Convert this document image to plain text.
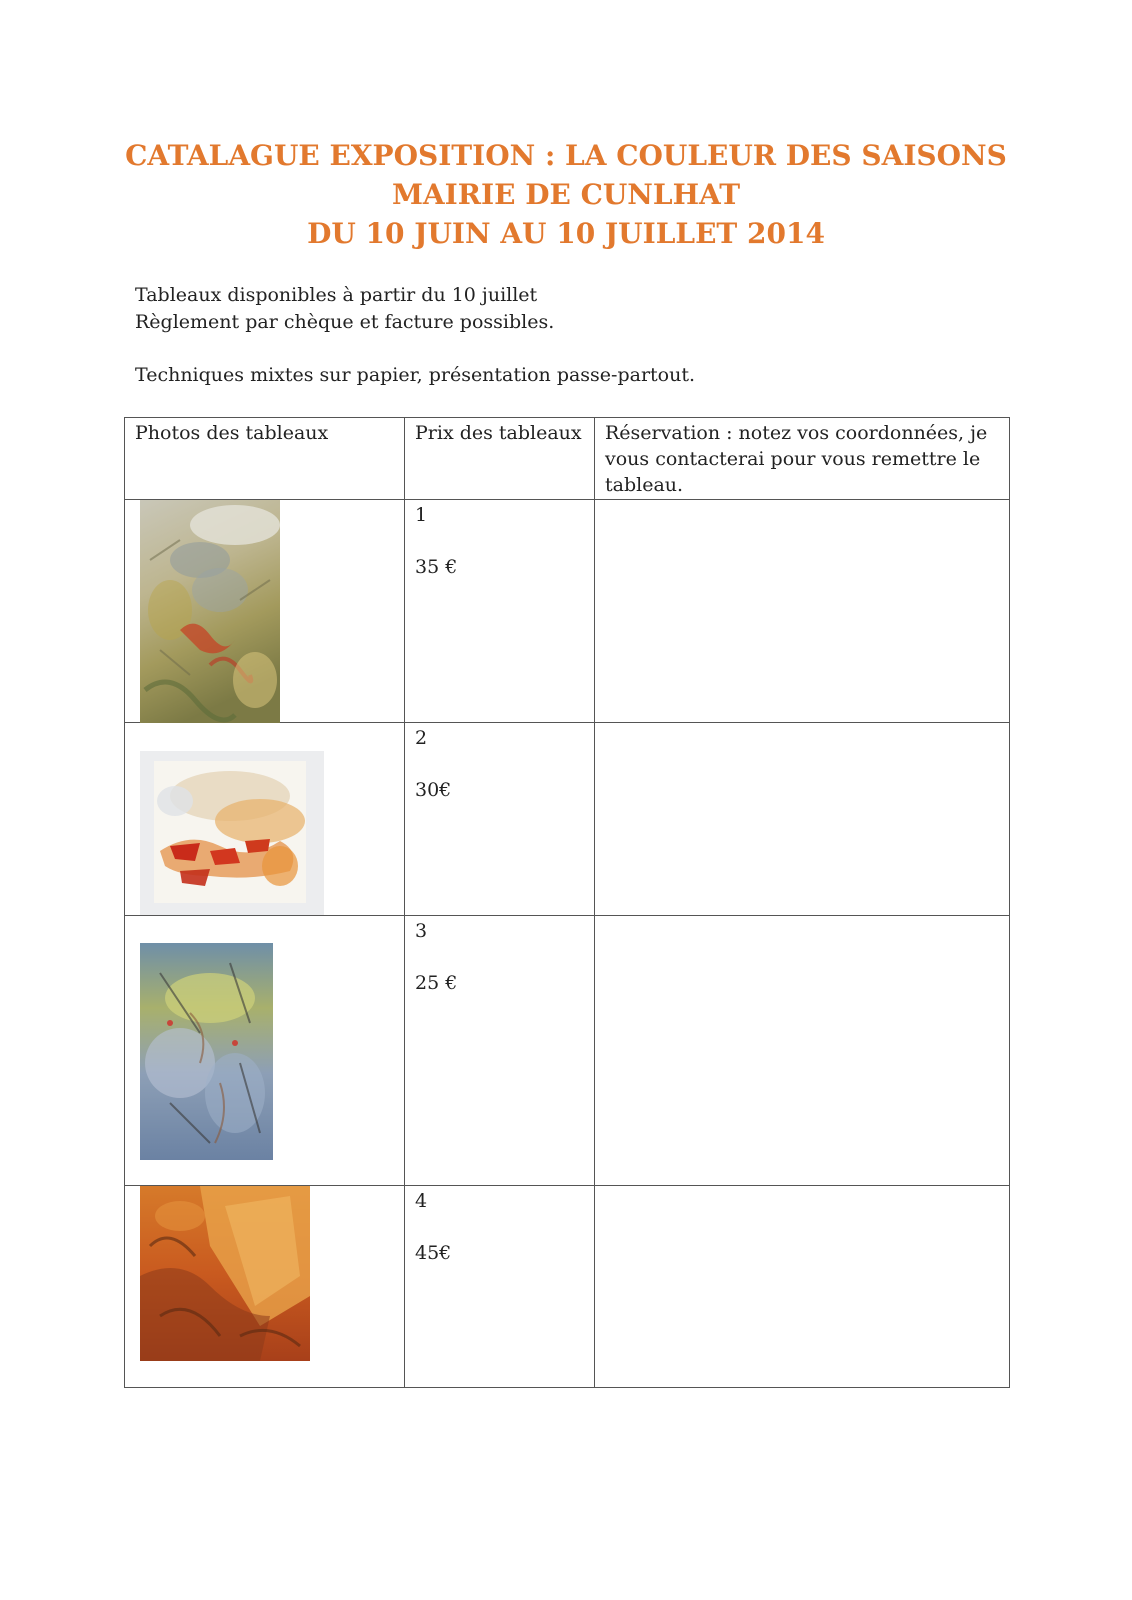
CATALAGUE EXPOSITION : LA COULEUR DES SAISONS
MAIRIE DE CUNLHAT
DU 10 JUIN AU 10 JUILLET 2014

Tableaux disponibles à partir du 10 juillet

Règlement par chèque et facture possibles.

Techniques mixtes sur papier, présentation passe-partout.

Photos des tableaux	Prix des tableaux	Réservation : notez vos coordonnées, je vous contacterai pour vous remettre le tableau.

1
35 €	

2
30€	

3
25 €	

4
45€	
